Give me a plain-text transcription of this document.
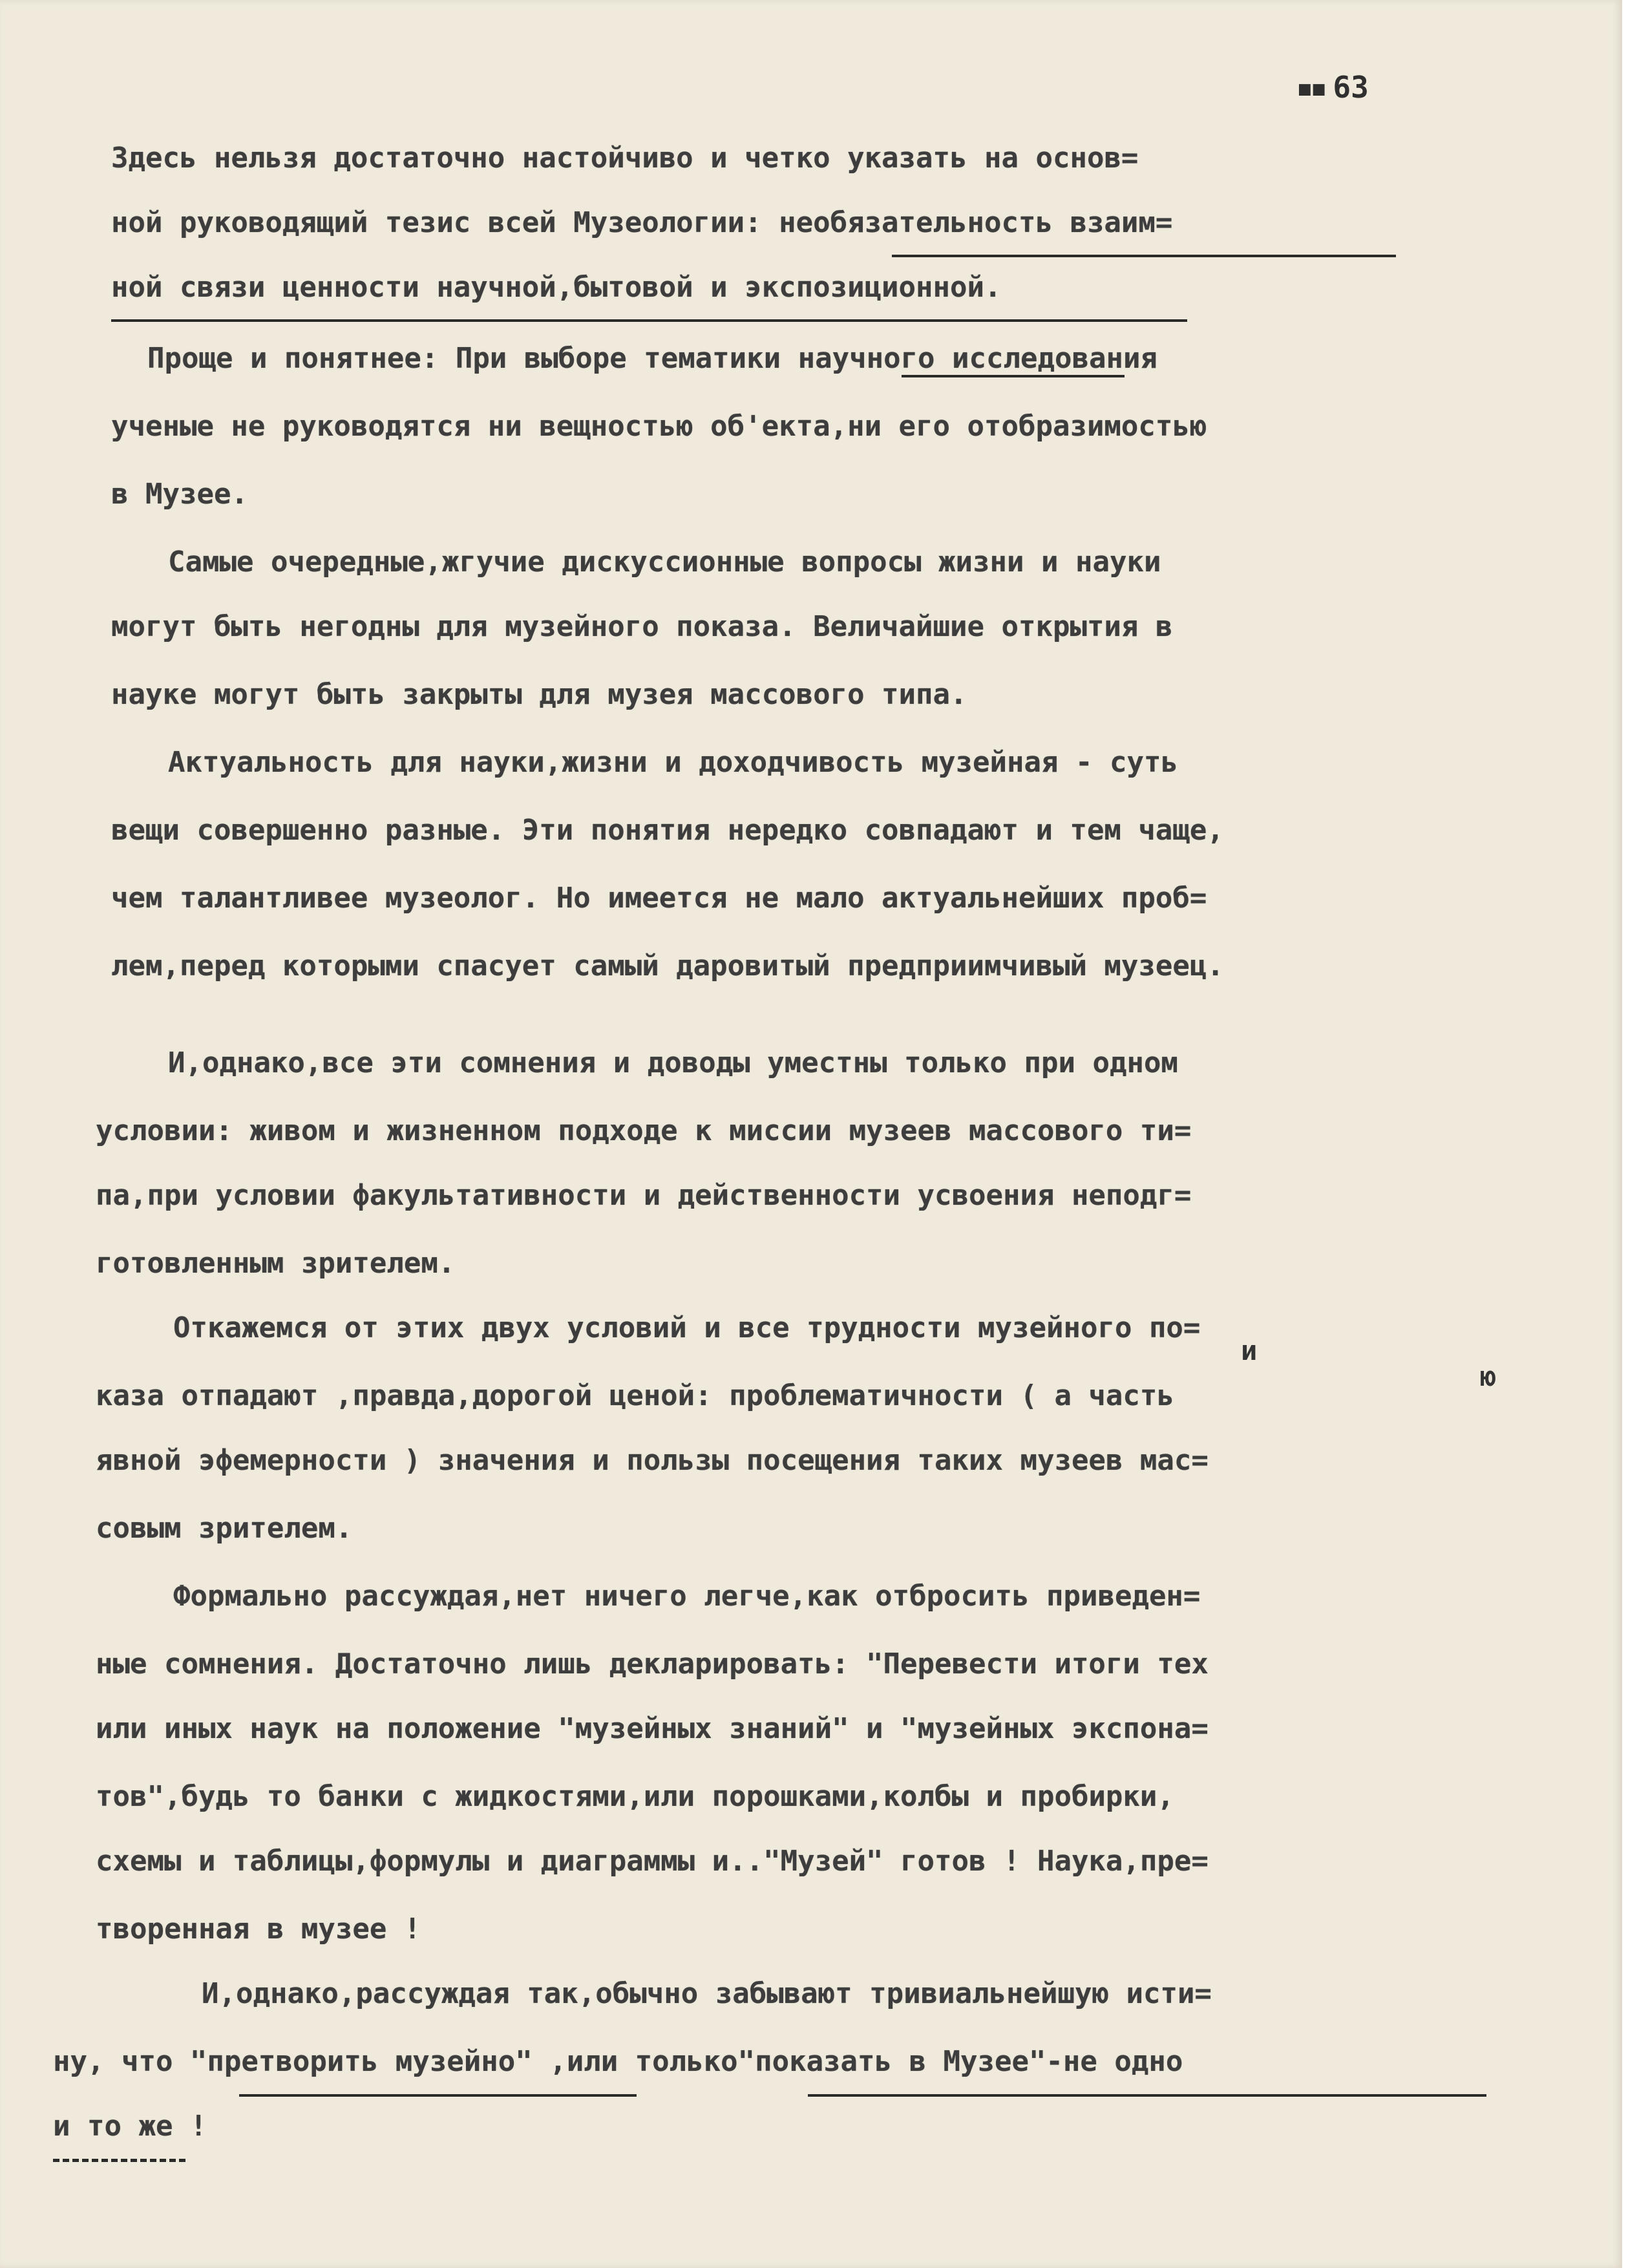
▪▪ 63
Здесь нельзя достаточно настойчиво и четко указать на основ=
ной руководящий тезис всей Музеологии: необязательность взаим=
ной связи ценности научной,бытовой и экспозиционной.
Проще и понятнее: При выборе тематики научного исследования
ученые не руководятся ни вещностью об'екта,ни его отобразимостью
в Музее.
Самые очередные,жгучие дискуссионные вопросы жизни и науки
могут быть негодны для музейного показа. Величайшие открытия в
науке могут быть закрыты для музея массового типа.
Актуальность для науки,жизни и доходчивость музейная - суть
вещи совершенно разные. Эти понятия нередко совпадают и тем чаще,
чем талантливее музеолог. Но имеется не мало актуальнейших проб=
лем,перед которыми спасует самый даровитый предприимчивый музеец.
И,однако,все эти сомнения и доводы уместны только при одном
условии: живом и жизненном подходе к миссии музеев массового ти=
па,при условии факультативности и действенности усвоения неподг=
готовленным зрителем.
Откажемся от этих двух условий и все трудности музейного по=
и
каза отпадают ,правда,дорогой ценой: проблематичности ( а часть
ю
явной эфемерности ) значения и пользы посещения таких музеев мас=
совым зрителем.
Формально рассуждая,нет ничего легче,как отбросить приведен=
ные сомнения. Достаточно лишь декларировать: "Перевести итоги тех
или иных наук на положение "музейных знаний" и "музейных экспона=
тов",будь то банки с жидкостями,или порошками,колбы и пробирки,
схемы и таблицы,формулы и диаграммы и.."Музей" готов ! Наука,пре=
творенная в музее !
И,однако,рассуждая так,обычно забывают тривиальнейшую исти=
ну, что "претворить музейно" ,или только"показать в Музее"-не одно
и то же !
